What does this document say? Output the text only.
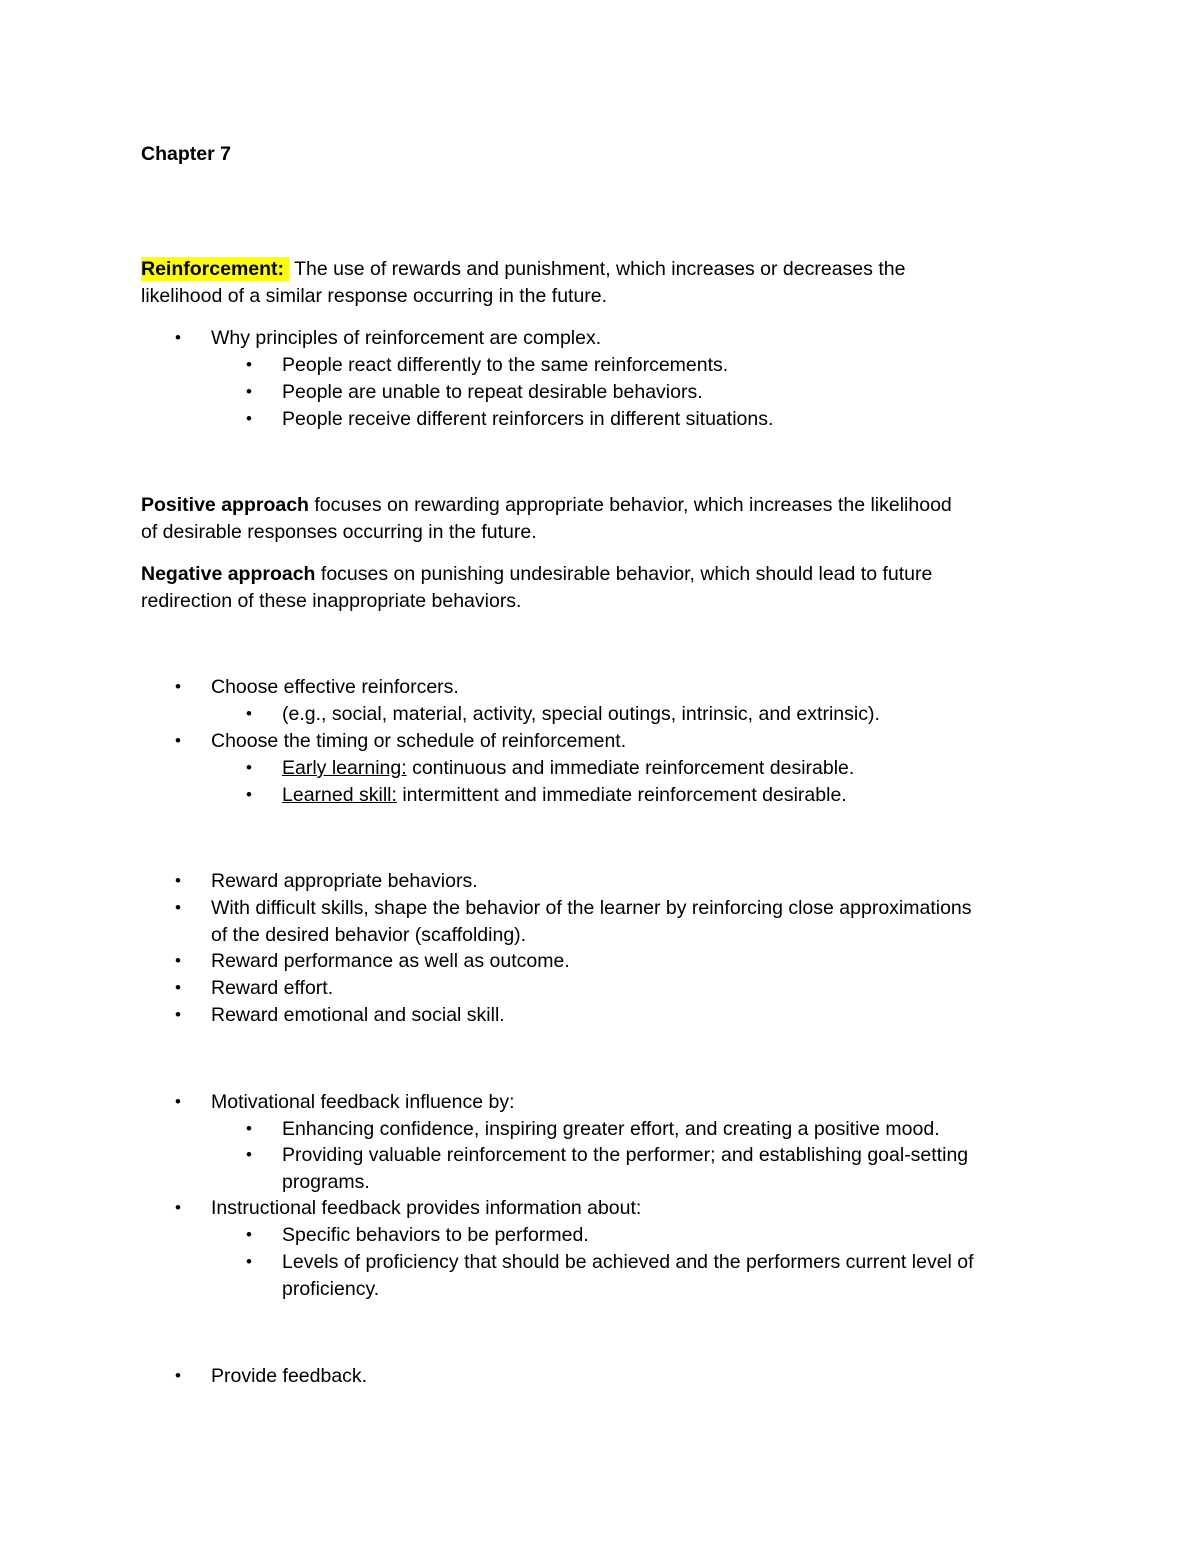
Chapter 7
Reinforcement: The use of rewards and punishment, which increases or decreases the
likelihood of a similar response occurring in the future.
• Why principles of reinforcement are complex.
• People react differently to the same reinforcements.
• People are unable to repeat desirable behaviors.
• People receive different reinforcers in different situations.
Positive approach focuses on rewarding appropriate behavior, which increases the likelihood
of desirable responses occurring in the future.
Negative approach focuses on punishing undesirable behavior, which should lead to future
redirection of these inappropriate behaviors.
• Choose effective reinforcers.
• (e.g., social, material, activity, special outings, intrinsic, and extrinsic).
• Choose the timing or schedule of reinforcement.
• Early learning: continuous and immediate reinforcement desirable.
• Learned skill: intermittent and immediate reinforcement desirable.
• Reward appropriate behaviors.
• With difficult skills, shape the behavior of the learner by reinforcing close approximations
of the desired behavior (scaffolding).
• Reward performance as well as outcome.
• Reward effort.
• Reward emotional and social skill.
• Motivational feedback influence by:
• Enhancing confidence, inspiring greater effort, and creating a positive mood.
• Providing valuable reinforcement to the performer; and establishing goal-setting
programs.
• Instructional feedback provides information about:
• Specific behaviors to be performed.
• Levels of proficiency that should be achieved and the performers current level of
proficiency.
• Provide feedback.
